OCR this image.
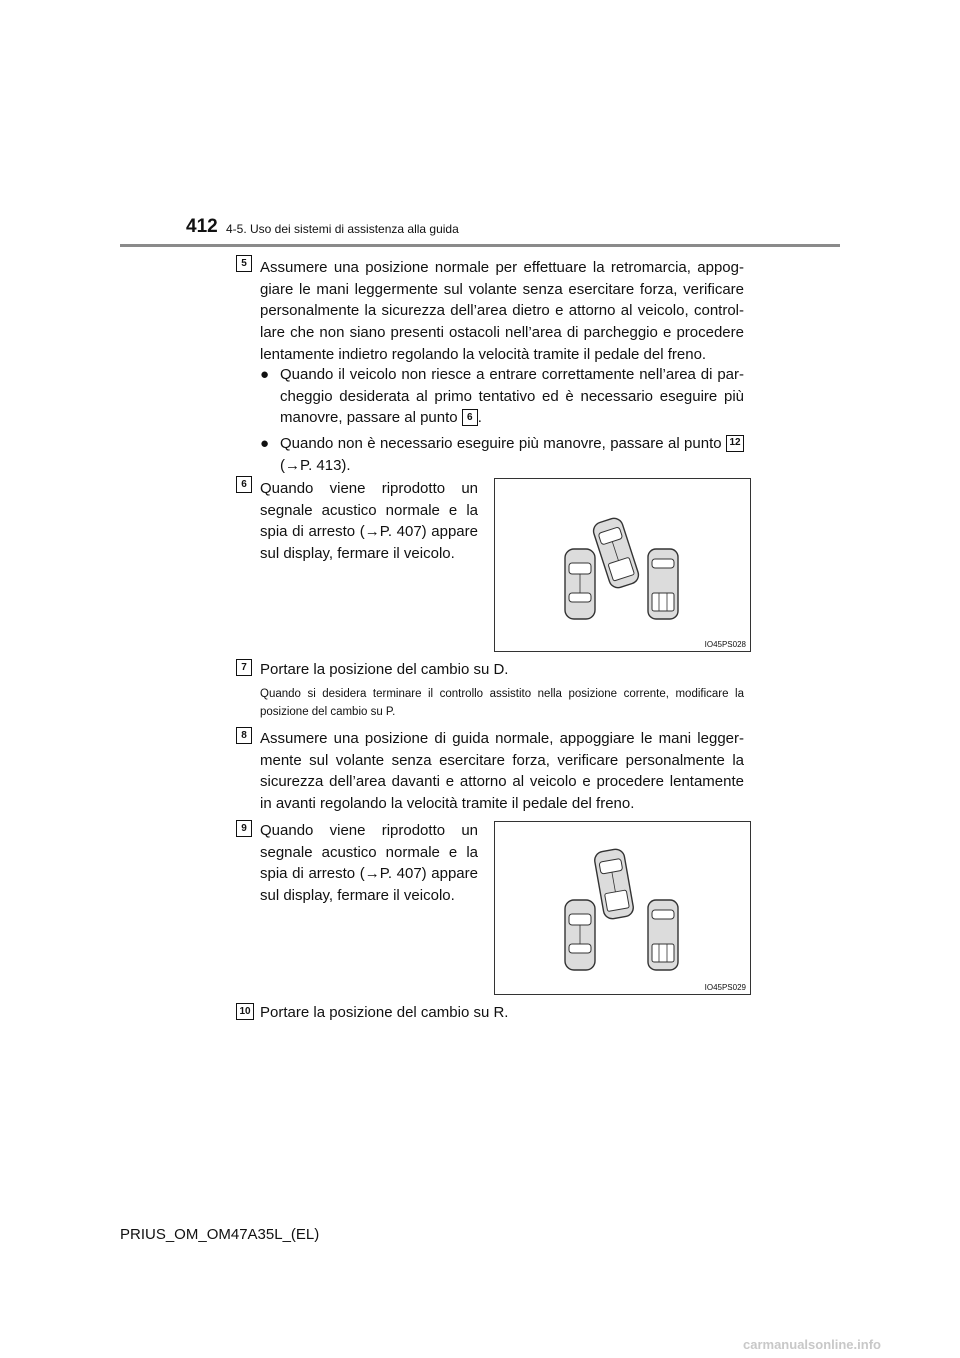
412 4-5. Uso dei sistemi di assistenza alla guida
5 Assumere una posizione normale per effettuare la retromarcia, appoggiare le mani leggermente sul volante senza esercitare forza, verificare personalmente la sicurezza dell’area dietro e attorno al veicolo, controllare che non siano presenti ostacoli nell’area di parcheggio e procedere lentamente indietro regolando la velocità tramite il pedale del freno.
● Quando il veicolo non riesce a entrare correttamente nell’area di parcheggio desiderata al primo tentativo ed è necessario eseguire più manovre, passare al punto 6 .
● Quando non è necessario eseguire più manovre, passare al punto 12 (→P. 413).
6 Quando viene riprodotto un segnale acustico normale e la spia di arresto (→P. 407) appare sul display, fermare il veicolo.
IO45PS028
7 Portare la posizione del cambio su D.
Quando si desidera terminare il controllo assistito nella posizione corrente, modificare la posizione del cambio su P.
8 Assumere una posizione di guida normale, appoggiare le mani leggermente sul volante senza esercitare forza, verificare personalmente la sicurezza dell’area davanti e attorno al veicolo e procedere lentamente in avanti regolando la velocità tramite il pedale del freno.
9 Quando viene riprodotto un segnale acustico normale e la spia di arresto (→P. 407) appare sul display, fermare il veicolo.
IO45PS029
10 Portare la posizione del cambio su R.
PRIUS_OM_OM47A35L_(EL)
carmanualsonline.info
